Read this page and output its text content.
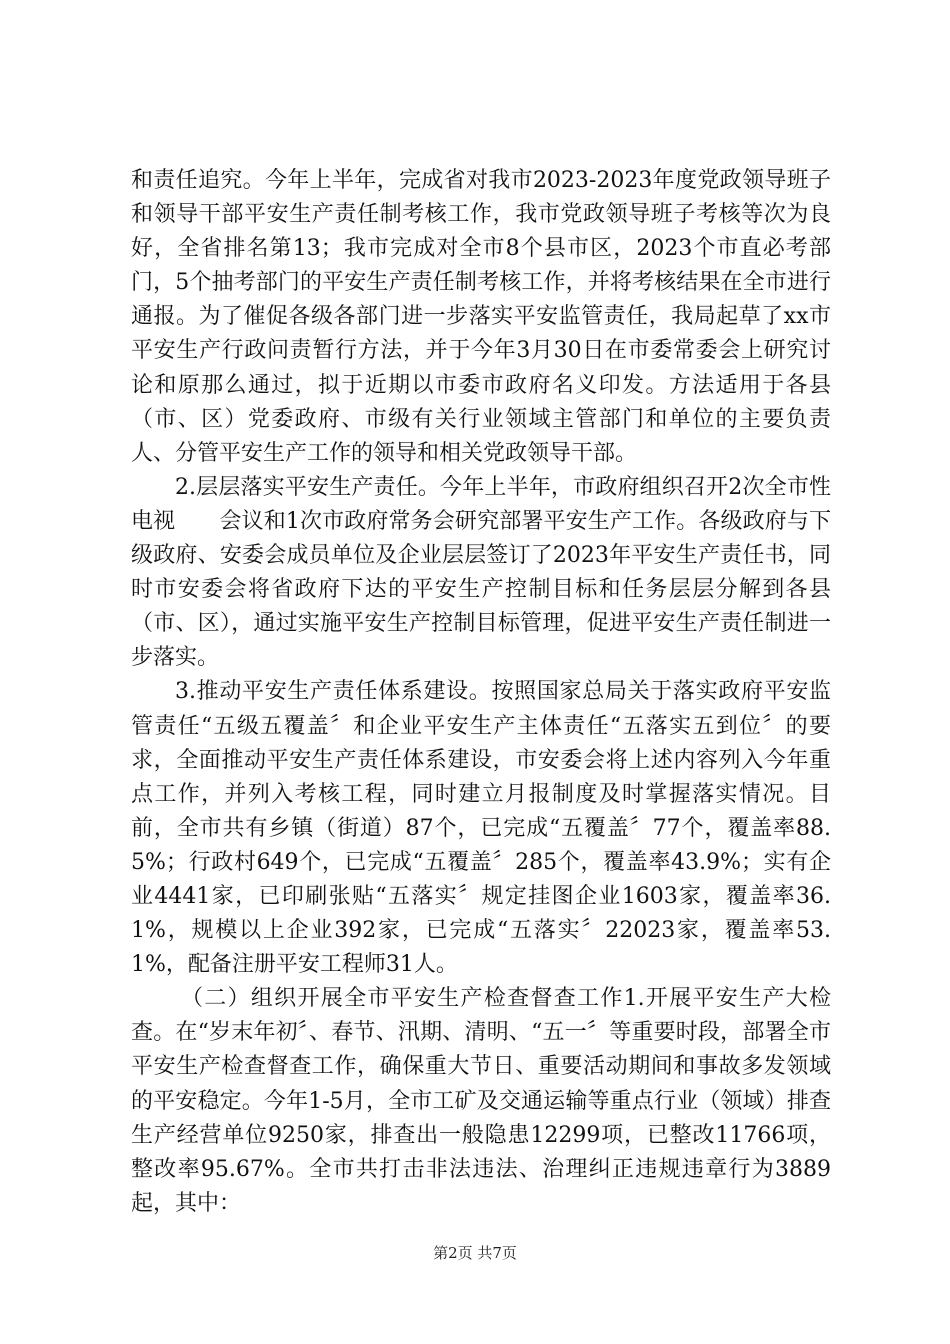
和责任追究。今年上半年，完成省对我市2023-2023年度党政领导班子和领导干部平安生产责任制考核工作，我市党政领导班子考核等次为良好，全省排名第13；我市完成对全市8个县市区，2023个市直必考部门，5个抽考部门的平安生产责任制考核工作，并将考核结果在全市进行通报。为了催促各级各部门进一步落实平安监管责任，我局起草了xx市平安生产行政问责暂行方法，并于今年3月30日在市委常委会上研究讨论和原那么通过，拟于近期以市委市政府名义印发。方法适用于各县（市、区）党委政府、市级有关行业领域主管部门和单位的主要负责人、分管平安生产工作的领导和相关党政领导干部。

2.层层落实平安生产责任。今年上半年，市政府组织召开2次全市性电视　　会议和1次市政府常务会研究部署平安生产工作。各级政府与下级政府、安委会成员单位及企业层层签订了2023年平安生产责任书，同时市安委会将省政府下达的平安生产控制目标和任务层层分解到各县（市、区），通过实施平安生产控制目标管理，促进平安生产责任制进一步落实。

3.推动平安生产责任体系建设。按照国家总局关于落实政府平安监管责任“五级五覆盖〞和企业平安生产主体责任“五落实五到位〞的要求，全面推动平安生产责任体系建设，市安委会将上述内容列入今年重点工作，并列入考核工程，同时建立月报制度及时掌握落实情况。目前，全市共有乡镇（街道）87个，已完成“五覆盖〞77个，覆盖率88.5%；行政村649个，已完成“五覆盖〞285个，覆盖率43.9%；实有企业4441家，已印刷张贴“五落实〞规定挂图企业1603家，覆盖率36.1%，规模以上企业392家，已完成“五落实〞22023家，覆盖率53.1%，配备注册平安工程师31人。

（二）组织开展全市平安生产检查督查工作1.开展平安生产大检查。在“岁末年初〞、春节、汛期、清明、“五一〞等重要时段，部署全市平安生产检查督查工作，确保重大节日、重要活动期间和事故多发领域的平安稳定。今年1-5月，全市工矿及交通运输等重点行业（领域）排查生产经营单位9250家，排查出一般隐患12299项，已整改11766项，整改率95.67%。全市共打击非法违法、治理纠正违规违章行为3889起，其中：

第2页 共7页
